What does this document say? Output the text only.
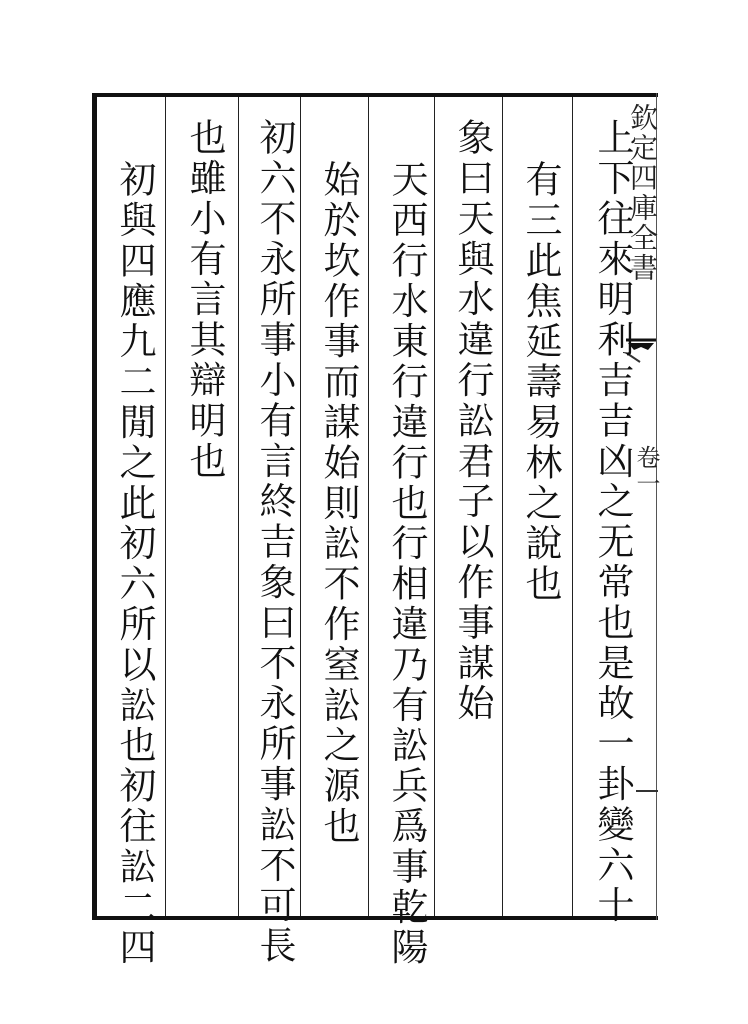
欽定四庫全書
卷一
上下往來明利吉吉凶之无常也是故一卦變六十
有三此焦延壽易林之說也
象曰天與水違行訟君子以作事謀始
天西行水東行違行也行相違乃有訟兵爲事乾陽
始於坎作事而謀始則訟不作窒訟之源也
初六不永所事小有言終吉象曰不永所事訟不可長
也雖小有言其辯明也
初與四應九二閒之此初六所以訟也初往訟二四
